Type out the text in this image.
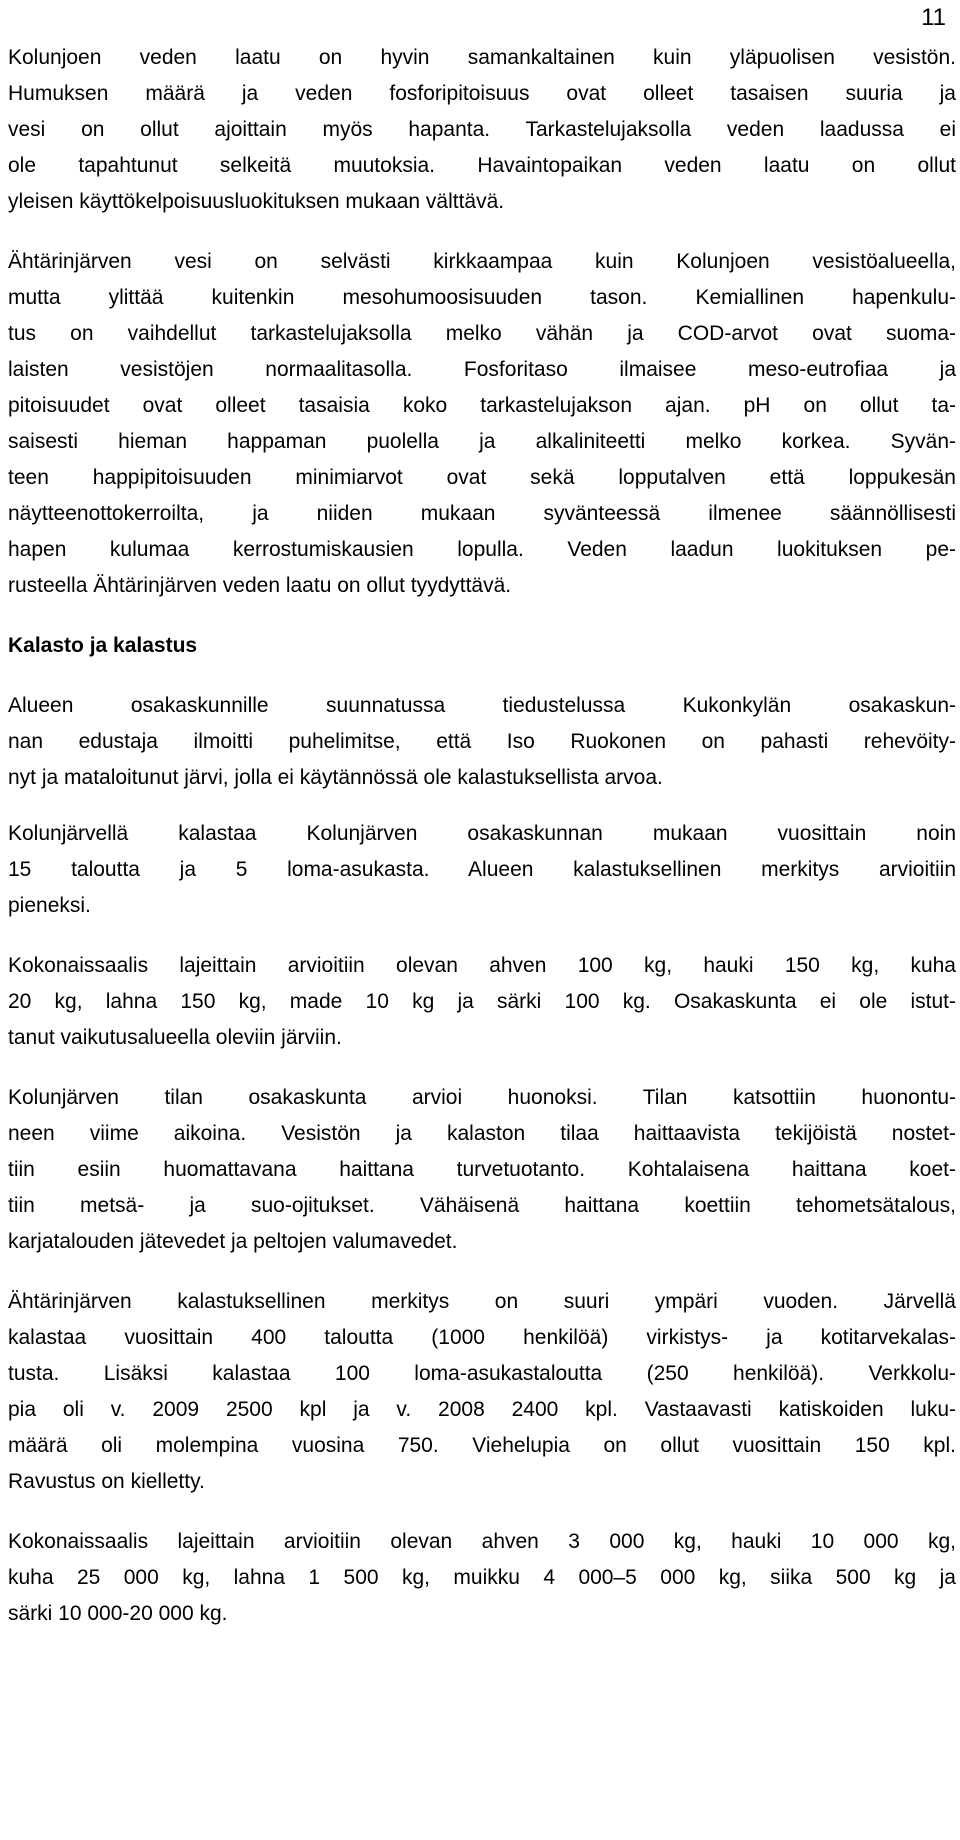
11
Kolunjoen veden laatu on hyvin samankaltainen kuin yläpuolisen vesistön.
Humuksen määrä ja veden fosforipitoisuus ovat olleet tasaisen suuria ja
vesi on ollut ajoittain myös hapanta. Tarkastelujaksolla veden laadussa ei
ole tapahtunut selkeitä muutoksia. Havaintopaikan veden laatu on ollut
yleisen käyttökelpoisuusluokituksen mukaan välttävä.
Ähtärinjärven vesi on selvästi kirkkaampaa kuin Kolunjoen vesistöalueella,
mutta ylittää kuitenkin mesohumoosisuuden tason. Kemiallinen hapenkulu-
tus on vaihdellut tarkastelujaksolla melko vähän ja COD-arvot ovat suoma-
laisten vesistöjen normaalitasolla. Fosforitaso ilmaisee meso-eutrofiaa ja
pitoisuudet ovat olleet tasaisia koko tarkastelujakson ajan. pH on ollut ta-
saisesti hieman happaman puolella ja alkaliniteetti melko korkea. Syvän-
teen happipitoisuuden minimiarvot ovat sekä lopputalven että loppukesän
näytteenottokerroilta, ja niiden mukaan syvänteessä ilmenee säännöllisesti
hapen kulumaa kerrostumiskausien lopulla. Veden laadun luokituksen pe-
rusteella Ähtärinjärven veden laatu on ollut tyydyttävä.
Kalasto ja kalastus
Alueen osakaskunnille suunnatussa tiedustelussa Kukonkylän osakaskun-
nan edustaja ilmoitti puhelimitse, että Iso Ruokonen on pahasti rehevöity-
nyt ja mataloitunut järvi, jolla ei käytännössä ole kalastuksellista arvoa.
Kolunjärvellä kalastaa Kolunjärven osakaskunnan mukaan vuosittain noin
15 taloutta ja 5 loma-asukasta. Alueen kalastuksellinen merkitys arvioitiin
pieneksi.
Kokonaissaalis lajeittain arvioitiin olevan ahven 100 kg, hauki 150 kg, kuha
20 kg, lahna 150 kg, made 10 kg ja särki 100 kg. Osakaskunta ei ole istut-
tanut vaikutusalueella oleviin järviin.
Kolunjärven tilan osakaskunta arvioi huonoksi. Tilan katsottiin huonontu-
neen viime aikoina. Vesistön ja kalaston tilaa haittaavista tekijöistä nostet-
tiin esiin huomattavana haittana turvetuotanto. Kohtalaisena haittana koet-
tiin metsä- ja suo-ojitukset. Vähäisenä haittana koettiin tehometsätalous,
karjatalouden jätevedet ja peltojen valumavedet.
Ähtärinjärven kalastuksellinen merkitys on suuri ympäri vuoden. Järvellä
kalastaa vuosittain 400 taloutta (1000 henkilöä) virkistys- ja kotitarvekalas-
tusta. Lisäksi kalastaa 100 loma-asukastaloutta (250 henkilöä). Verkkolu-
pia oli v. 2009 2500 kpl ja v. 2008 2400 kpl. Vastaavasti katiskoiden luku-
määrä oli molempina vuosina 750. Viehelupia on ollut vuosittain 150 kpl.
Ravustus on kielletty.
Kokonaissaalis lajeittain arvioitiin olevan ahven 3 000 kg, hauki 10 000 kg,
kuha 25 000 kg, lahna 1 500 kg, muikku 4 000–5 000 kg, siika 500 kg ja
särki 10 000-20 000 kg.
